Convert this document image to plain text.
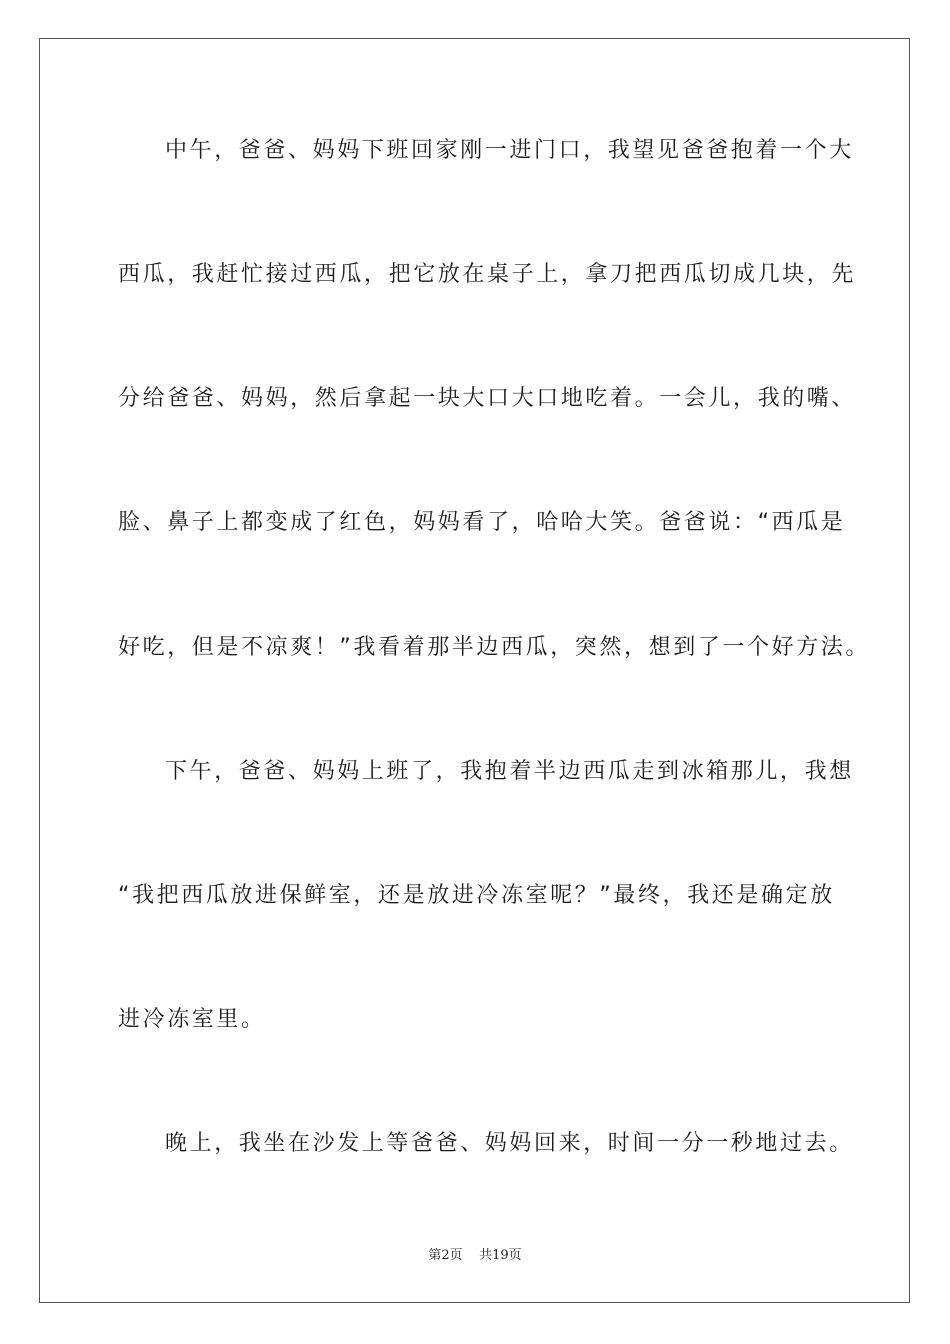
中午，爸爸、妈妈下班回家刚一进门口，我望见爸爸抱着一个大
西瓜，我赶忙接过西瓜，把它放在桌子上，拿刀把西瓜切成几块，先
分给爸爸、妈妈，然后拿起一块大口大口地吃着。一会儿，我的嘴、
脸、鼻子上都变成了红色，妈妈看了，哈哈大笑。爸爸说：“西瓜是
好吃，但是不凉爽！”我看着那半边西瓜，突然，想到了一个好方法。
下午，爸爸、妈妈上班了，我抱着半边西瓜走到冰箱那儿，我想
“我把西瓜放进保鲜室，还是放进冷冻室呢？”最终，我还是确定放
进冷冻室里。
晚上，我坐在沙发上等爸爸、妈妈回来，时间一分一秒地过去。
第2页 共19页
